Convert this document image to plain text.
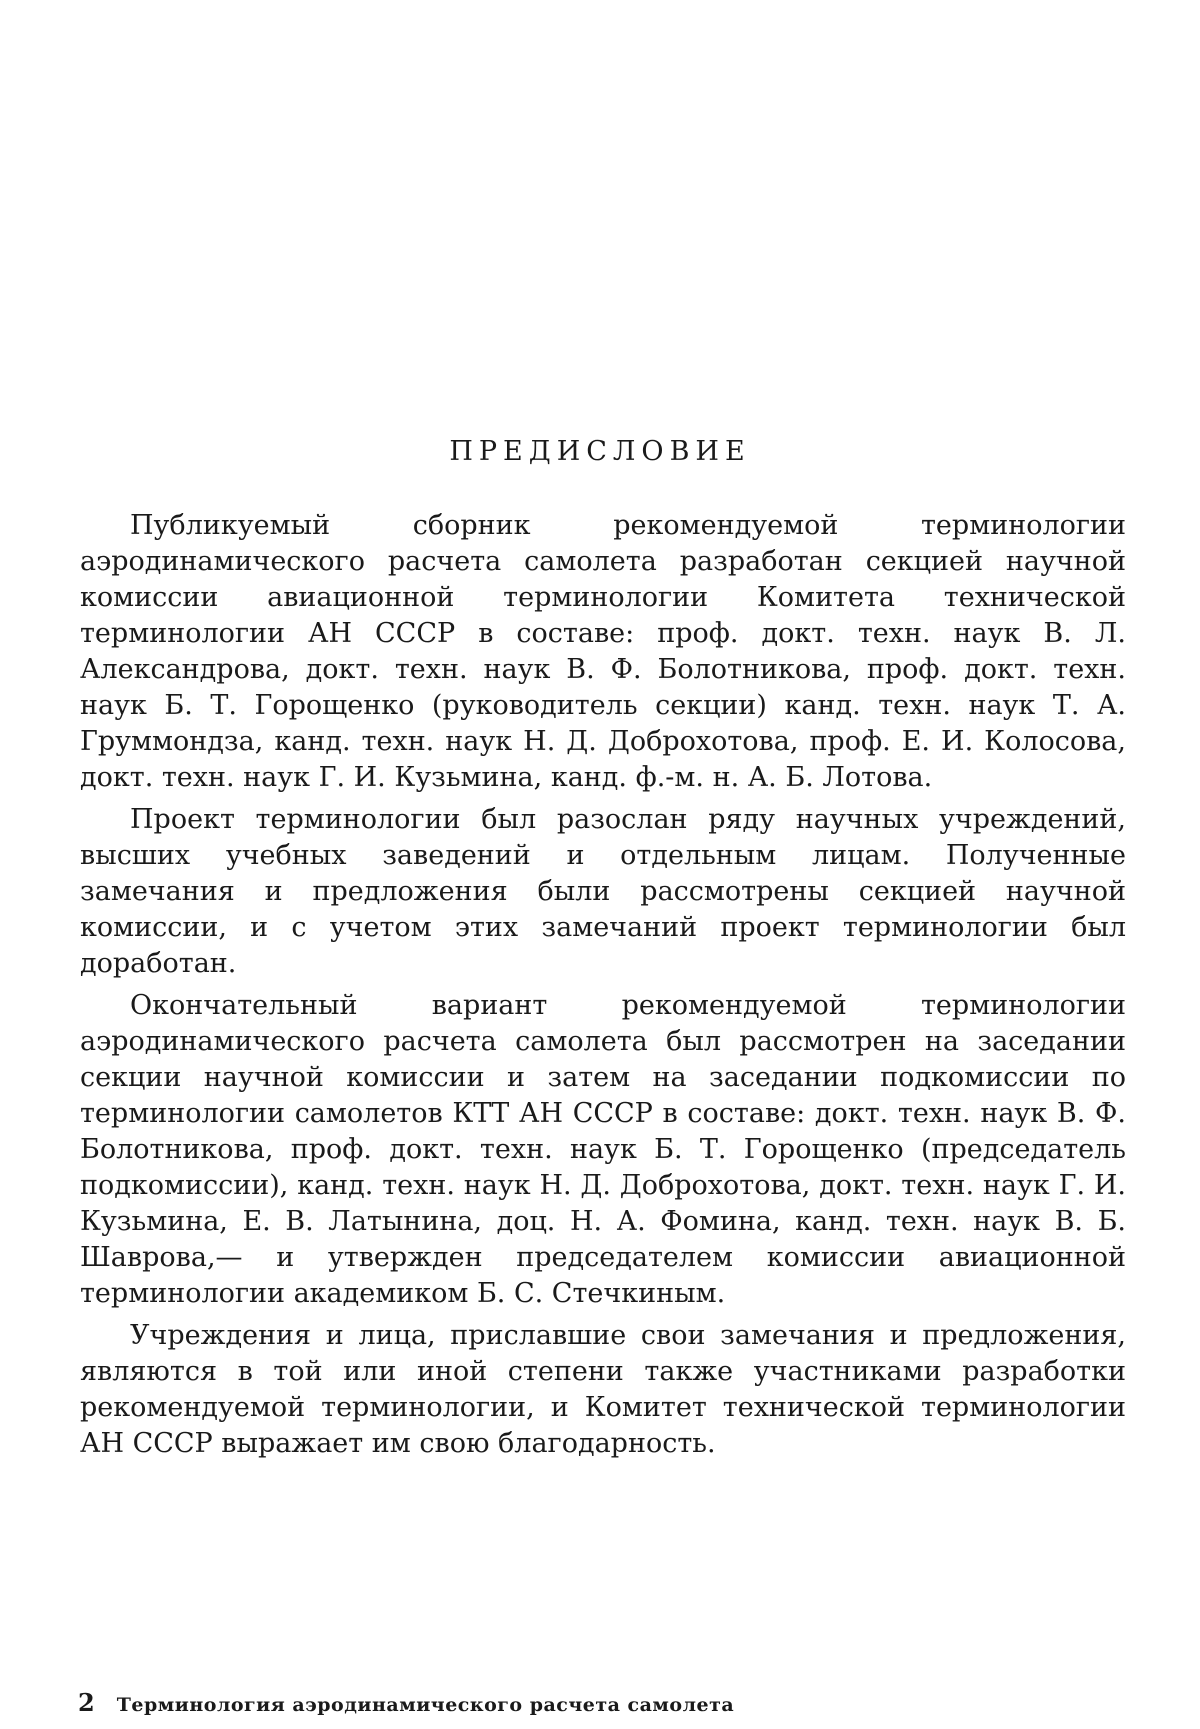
ПРЕДИСЛОВИЕ

Публикуемый сборник рекомендуемой терминологии аэродинамического расчета самолета разработан секцией научной комиссии авиационной терминологии Комитета технической терминологии АН СССР в составе: проф. докт. техн. наук В. Л. Александрова, докт. техн. наук В. Ф. Болотникова, проф. докт. техн. наук Б. Т. Горощенко (руководитель секции) канд. техн. наук Т. А. Груммондза, канд. техн. наук Н. Д. Доброхотова, проф. Е. И. Колосова, докт. техн. наук Г. И. Кузьмина, канд. ф.-м. н. А. Б. Лотова.

Проект терминологии был разослан ряду научных учреждений, высших учебных заведений и отдельным лицам. Полученные замечания и предложения были рассмотрены секцией научной комиссии, и с учетом этих замечаний проект терминологии был доработан.

Окончательный вариант рекомендуемой терминологии аэродинамического расчета самолета был рассмотрен на заседании секции научной комиссии и затем на заседании подкомиссии по терминологии самолетов КТТ АН СССР в составе: докт. техн. наук В. Ф. Болотникова, проф. докт. техн. наук Б. Т. Горощенко (председатель подкомиссии), канд. техн. наук Н. Д. Доброхотова, докт. техн. наук Г. И. Кузьмина, Е. В. Латынина, доц. Н. А. Фомина, канд. техн. наук В. Б. Шаврова,— и утвержден председателем комиссии авиационной терминологии академиком Б. С. Стечкиным.

Учреждения и лица, приславшие свои замечания и предложения, являются в той или иной степени также участниками разработки рекомендуемой терминологии, и Комитет технической терминологии АН СССР выражает им свою благодарность.

2 Терминология аэродинамического расчета самолета
